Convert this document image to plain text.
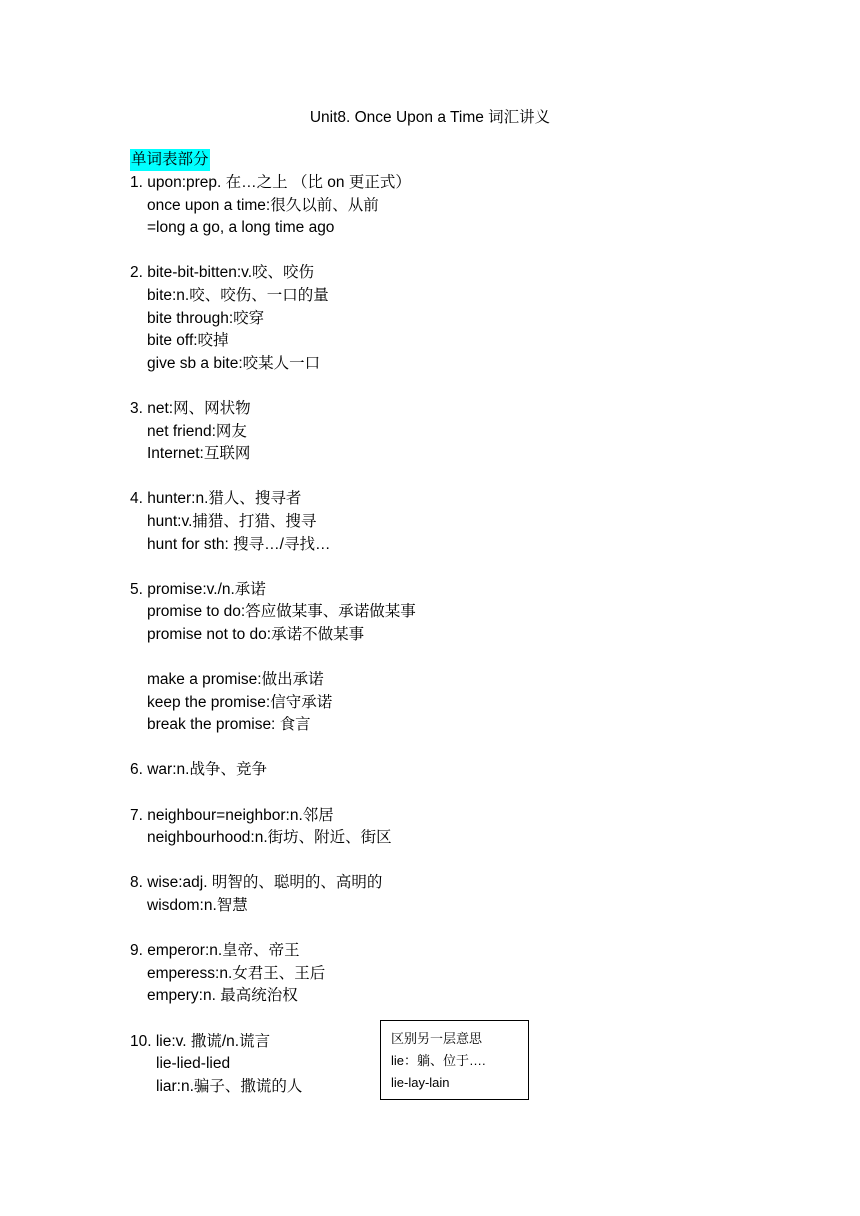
Unit8. Once Upon a Time 词汇讲义
单词表部分
1. upon:prep. 在…之上 （比 on 更正式）
once upon a time:很久以前、从前
=long a go, a long time ago
2. bite-bit-bitten:v.咬、咬伤
bite:n.咬、咬伤、一口的量
bite through:咬穿
bite off:咬掉
give sb a bite:咬某人一口
3. net:网、网状物
net friend:网友
Internet:互联网
4. hunter:n.猎人、搜寻者
hunt:v.捕猎、打猎、搜寻
hunt for sth: 搜寻…/寻找…
5. promise:v./n.承诺
promise to do:答应做某事、承诺做某事
promise not to do:承诺不做某事
make a promise:做出承诺
keep the promise:信守承诺
break the promise: 食言
6. war:n.战争、竞争
7. neighbour=neighbor:n.邻居
neighbourhood:n.街坊、附近、街区
8. wise:adj. 明智的、聪明的、高明的
wisdom:n.智慧
9. emperor:n.皇帝、帝王
emperess:n.女君王、王后
empery:n. 最高统治权
10. lie:v. 撒谎/n.谎言
lie-lied-lied
liar:n.骗子、撒谎的人
区别另一层意思
lie：躺、位于….
lie-lay-lain
